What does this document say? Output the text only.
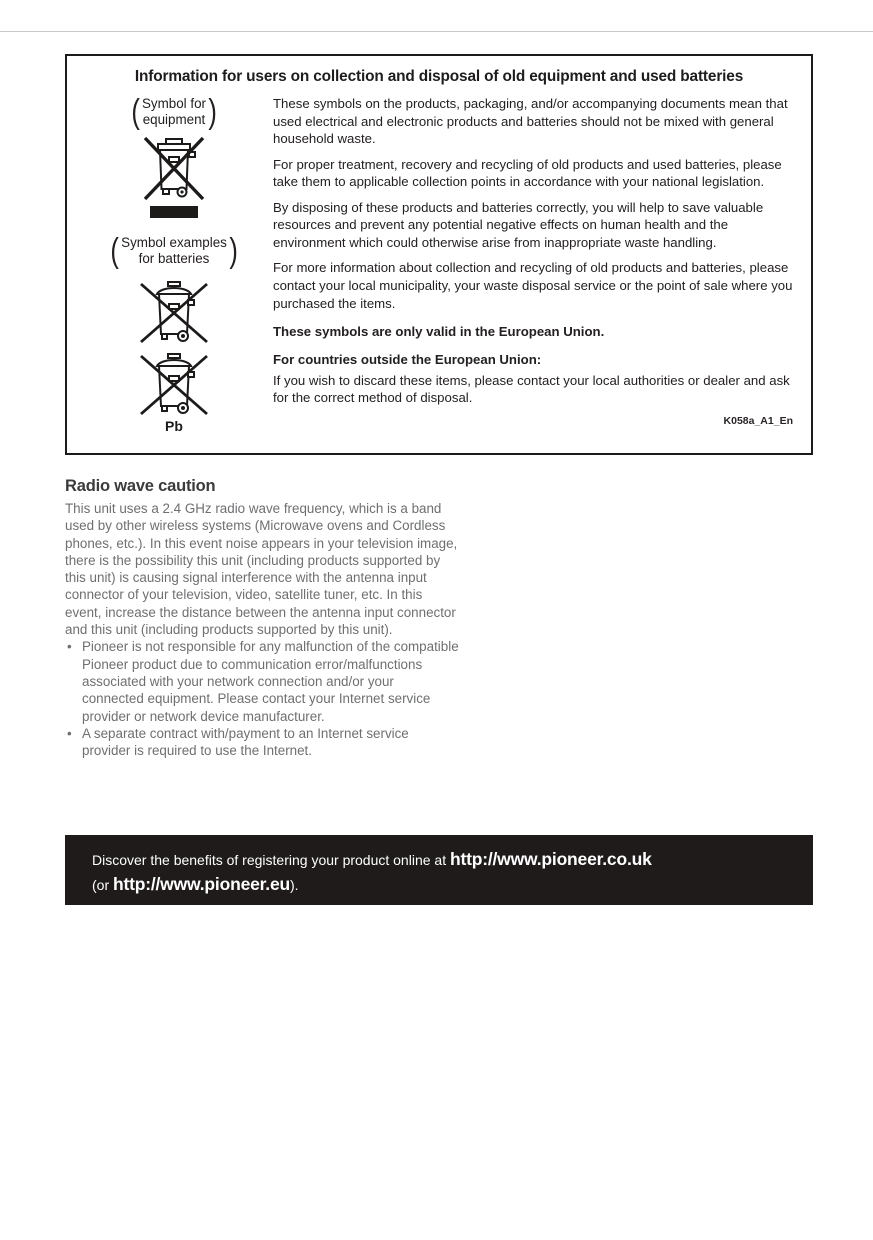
Information for users on collection and disposal of old equipment and used batteries
( Symbol for
equipment )
( Symbol examples
for batteries )
Pb

These symbols on the products, packaging, and/or accompanying documents mean that used electrical and electronic products and batteries should not be mixed with general household waste.

For proper treatment, recovery and recycling of old products and used batteries, please take them to applicable collection points in accordance with your national legislation.

By disposing of these products and batteries correctly, you will help to save valuable resources and prevent any potential negative effects on human health and the environment which could otherwise arise from inappropriate waste handling.

For more information about collection and recycling of old products and batteries, please contact your local municipality, your waste disposal service or the point of sale where you purchased the items.

These symbols are only valid in the European Union.

For countries outside the European Union:

If you wish to discard these items, please contact your local authorities or dealer and ask for the correct method of disposal.

K058a_A1_En
Radio wave caution

This unit uses a 2.4 GHz radio wave frequency, which is a band used by other wireless systems (Microwave ovens and Cordless phones, etc.). In this event noise appears in your television image, there is the possibility this unit (including products supported by this unit) is causing signal interference with the antenna input connector of your television, video, satellite tuner, etc. In this event, increase the distance between the antenna input connector and this unit (including products supported by this unit).

• Pioneer is not responsible for any malfunction of the compatible Pioneer product due to communication error/malfunctions associated with your network connection and/or your connected equipment. Please contact your Internet service provider or network device manufacturer.
• A separate contract with/payment to an Internet service provider is required to use the Internet.
Discover the benefits of registering your product online at http://www.pioneer.co.uk
(or http://www.pioneer.eu).
